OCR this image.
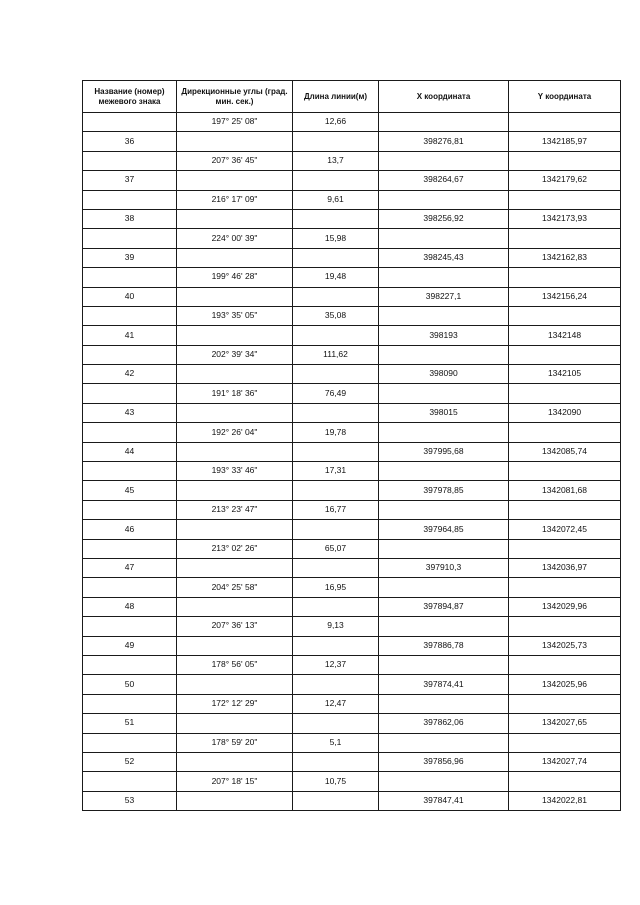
Название (номер) межевого знака	Дирекционные углы (град. мин. сек.)	Длина линии(м)	X координата	Y координата
	197° 25' 08"	12,66		
36			398276,81	1342185,97
	207° 36' 45"	13,7		
37			398264,67	1342179,62
	216° 17' 09"	9,61		
38			398256,92	1342173,93
	224° 00' 39"	15,98		
39			398245,43	1342162,83
	199° 46' 28"	19,48		
40			398227,1	1342156,24
	193° 35' 05"	35,08		
41			398193	1342148
	202° 39' 34"	111,62		
42			398090	1342105
	191° 18' 36"	76,49		
43			398015	1342090
	192° 26' 04"	19,78		
44			397995,68	1342085,74
	193° 33' 46"	17,31		
45			397978,85	1342081,68
	213° 23' 47"	16,77		
46			397964,85	1342072,45
	213° 02' 26"	65,07		
47			397910,3	1342036,97
	204° 25' 58"	16,95		
48			397894,87	1342029,96
	207° 36' 13"	9,13		
49			397886,78	1342025,73
	178° 56' 05"	12,37		
50			397874,41	1342025,96
	172° 12' 29"	12,47		
51			397862,06	1342027,65
	178° 59' 20"	5,1		
52			397856,96	1342027,74
	207° 18' 15"	10,75		
53			397847,41	1342022,81
